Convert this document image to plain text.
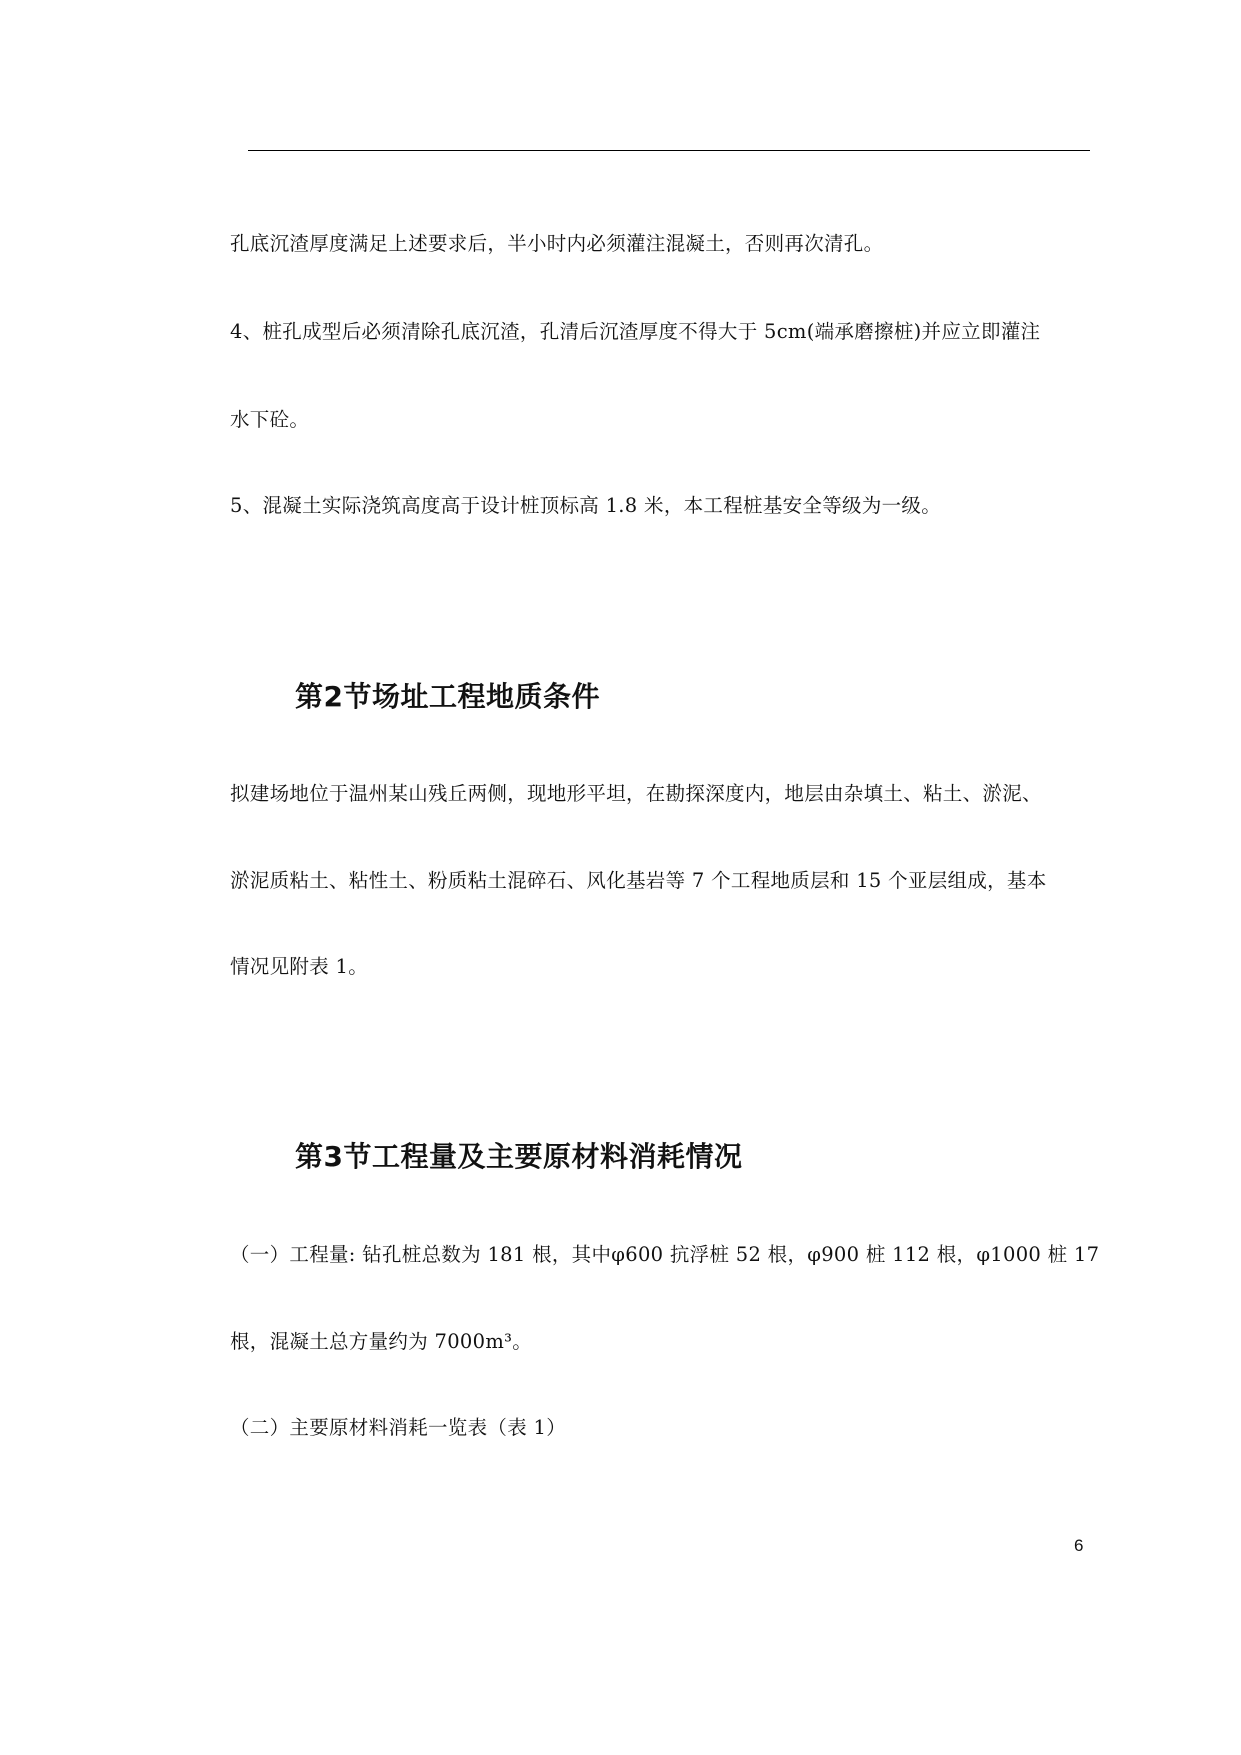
孔底沉渣厚度满足上述要求后，半小时内必须灌注混凝土，否则再次清孔。

4、桩孔成型后必须清除孔底沉渣，孔清后沉渣厚度不得大于 5cm(端承磨擦桩)并应立即灌注

水下砼。

5、混凝土实际浇筑高度高于设计桩顶标高 1.8 米，本工程桩基安全等级为一级。

第2节场址工程地质条件

拟建场地位于温州某山残丘两侧，现地形平坦，在勘探深度内，地层由杂填土、粘土、淤泥、

淤泥质粘土、粘性土、粉质粘土混碎石、风化基岩等 7 个工程地质层和 15 个亚层组成，基本

情况见附表 1。

第3节工程量及主要原材料消耗情况

（一）工程量: 钻孔桩总数为 181 根，其中φ600 抗浮桩 52 根，φ900 桩 112 根，φ1000 桩 17

根，混凝土总方量约为 7000m³。

（二）主要原材料消耗一览表（表 1）

6
